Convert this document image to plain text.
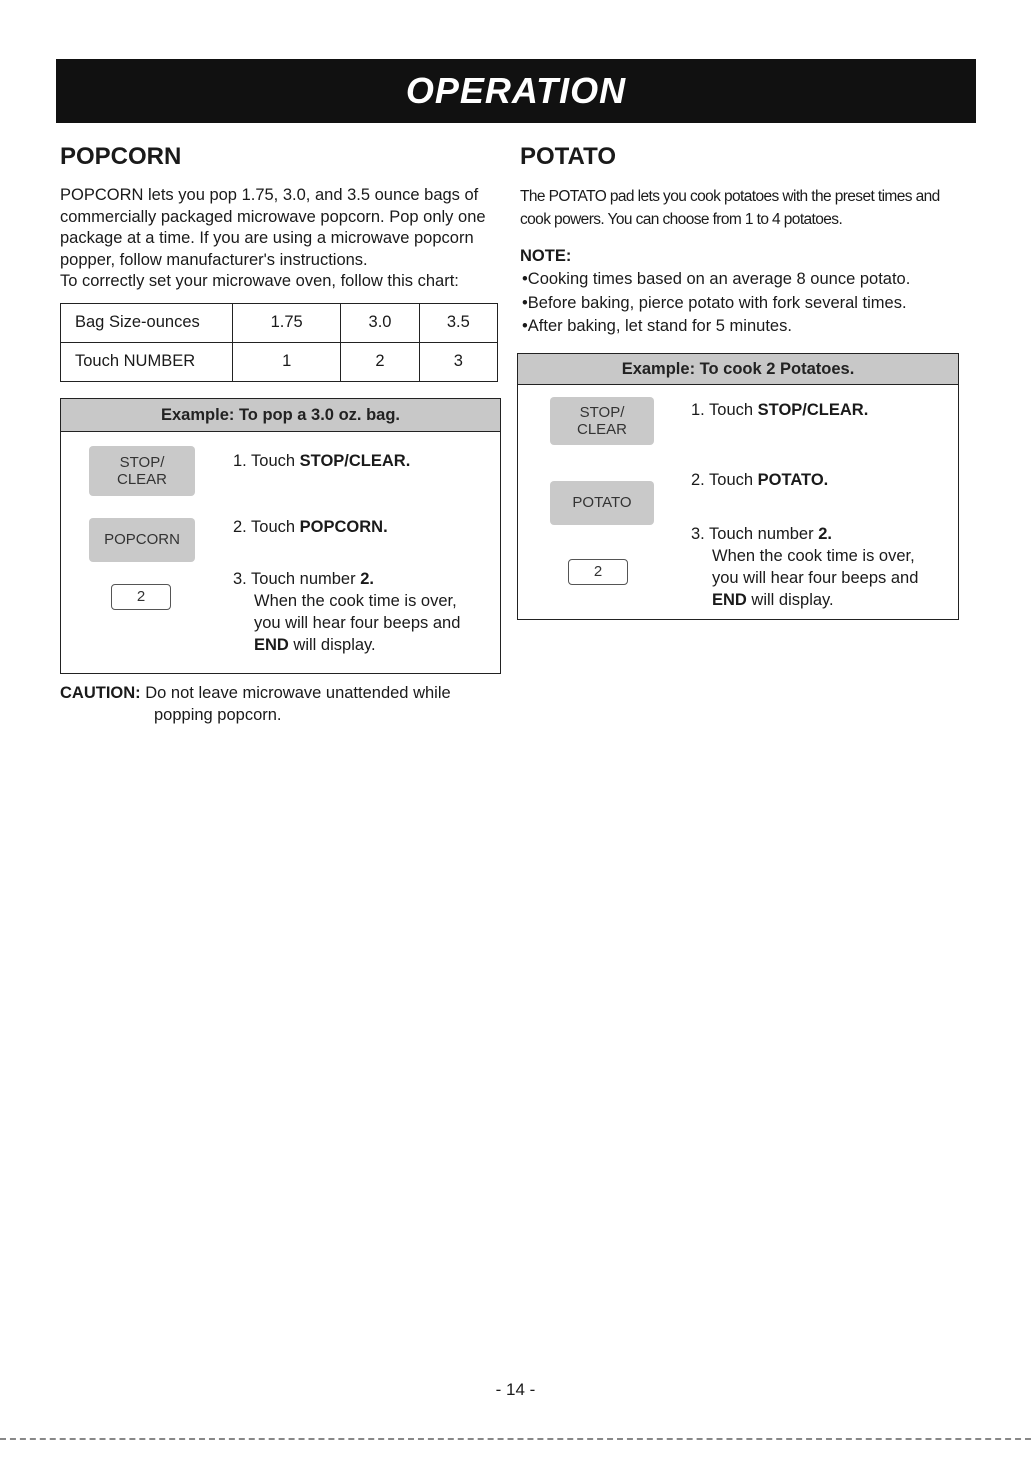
OPERATION
POPCORN

POPCORN lets you pop 1.75, 3.0, and 3.5 ounce bags of commercially packaged microwave popcorn. Pop only one package at a time. If you are using a microwave popcorn popper, follow manufacturer's instructions.

To correctly set your microwave oven, follow this chart:

Bag Size-ounces	1.75	3.0	3.5
Touch NUMBER	1	2	3
Example: To pop a 3.0 oz. bag.
STOP/
CLEAR
1. Touch STOP/CLEAR.
POPCORN
2. Touch POPCORN.
2
3. Touch number 2.
When the cook time is over,
you will hear four beeps and
END will display.
CAUTION: Do not leave microwave unattended while
popping popcorn.
POTATO

The POTATO pad lets you cook potatoes with the preset times and cook powers. You can choose from 1 to 4 potatoes.

NOTE:
• Cooking times based on an average 8 ounce potato.
• Before baking, pierce potato with fork several times.
• After baking, let stand for 5 minutes.
Example: To cook 2 Potatoes.
STOP/
CLEAR
1. Touch STOP/CLEAR.
POTATO
2. Touch POTATO.
2
3. Touch number 2.
When the cook time is over,
you will hear four beeps and
END will display.
- 14 -
